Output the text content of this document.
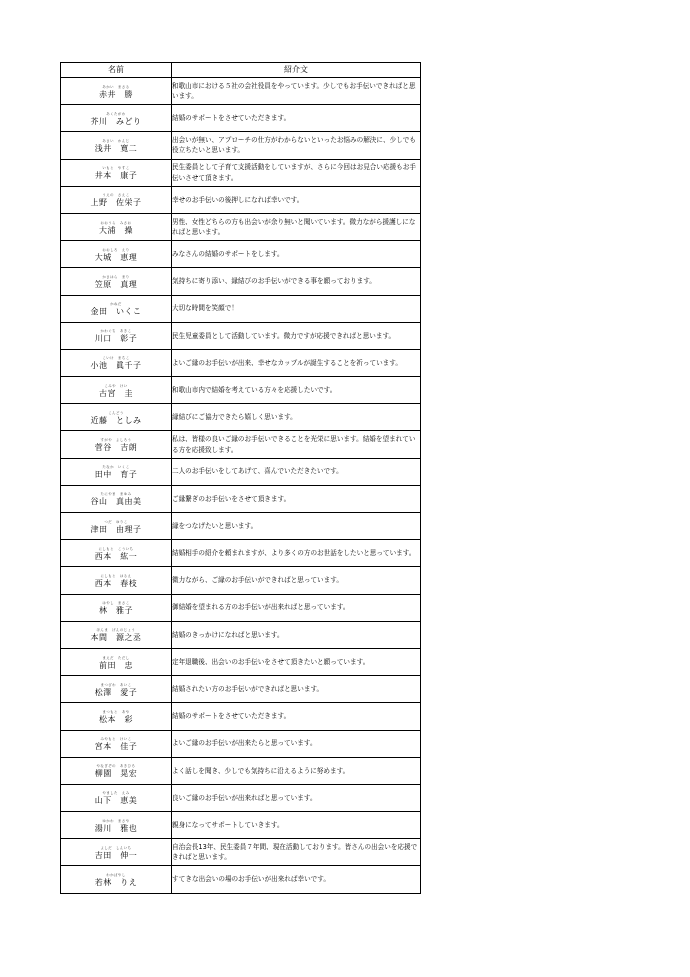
名前	紹介文

あかい　まさる
赤井　勝	和歌山市における５社の会社役員をやっています。少しでもお手伝いできればと思います。

あくたがわ
芥川　みどり	結婚のサポートをさせていただきます。

あさい　かんじ
浅井　寛二	出会いが無い、アプローチの仕方がわからないといったお悩みの解決に、少しでも役立ちたいと思います。

いもと　やすこ
井本　康子	民生委員として子育て支援活動をしていますが、さらに今回はお見合い応援もお手伝いさせて頂きます。

うえの　さえこ
上野　佐栄子	幸せのお手伝いの後押しになれば幸いです。

おおうら　みさお
大浦　操	男性、女性どちらの方も出会いが余り無いと聞いています。微力ながら援護しになればと思います。

おおしろ　えり
大城　恵理	みなさんの結婚のサポートをします。

かさはら　まり
笠原　真理	気持ちに寄り添い、縁結びのお手伝いができる事を願っております。

かねだ
金田　いくこ	大切な時間を笑顔で！

かわぐち　あきこ
川口　彰子	民生児童委員として活動しています。微力ですが応援できればと思います。

こいけ　まちこ
小池　眞千子	よいご縁のお手伝いが出来、幸せなカップルが誕生することを祈っています。

こみや　けい
古宮　圭	和歌山市内で結婚を考えている方々を応援したいです。

こんどう
近藤　としみ	縁結びにご協力できたら嬉しく思います。

すがや　よしろう
菅谷　吉朗	私は、皆様の良いご縁のお手伝いできることを光栄に思います。結婚を望まれている方を応援致します。

たなか　いくこ
田中　育子	二人のお手伝いをしてあげて、喜んでいただきたいです。

たにやま　まゆみ
谷山　真由美	ご縁繋ぎのお手伝いをさせて頂きます。

つだ　ゆりこ
津田　由理子	縁をつなげたいと思います。

にしもと　こういち
西本　紘一	結婚相手の紹介を頼まれますが、より多くの方のお世話をしたいと思っています。

にしもと　はるえ
西本　春枝	微力ながら、ご縁のお手伝いができればと思っています。

はやし　まさこ
林　雅子	御結婚を望まれる方のお手伝いが出来ればと思っています。

ほんま　げんのじょう
本間　源之丞	結婚のきっかけになればと思います。

まえだ　ただし
前田　忠	定年退職後、出会いのお手伝いをさせて頂きたいと願っています。

まつざわ　あいこ
松澤　愛子	結婚されたい方のお手伝いができればと思います。

まつもと　あや
松本　彩	結婚のサポートをさせていただきます。

みやもと　けいこ
宮本　佳子	よいご縁のお手伝いが出来たらと思っています。

やなぎぞの　あきひろ
柳園　晃宏	よく話しを聞き、少しでも気持ちに沿えるように努めます。

やました　えみ
山下　恵美	良いご縁のお手伝いが出来ればと思っています。

ゆかわ　まさや
湯川　雅也	親身になってサポートしていきます。

よしだ　しんいち
吉田　伸一	自治会長13年、民生委員７年間、現在活動しております。皆さんの出会いを応援できればと思います。

わかばやし
若林　りえ	すてきな出会いの場のお手伝いが出来れば幸いです。
